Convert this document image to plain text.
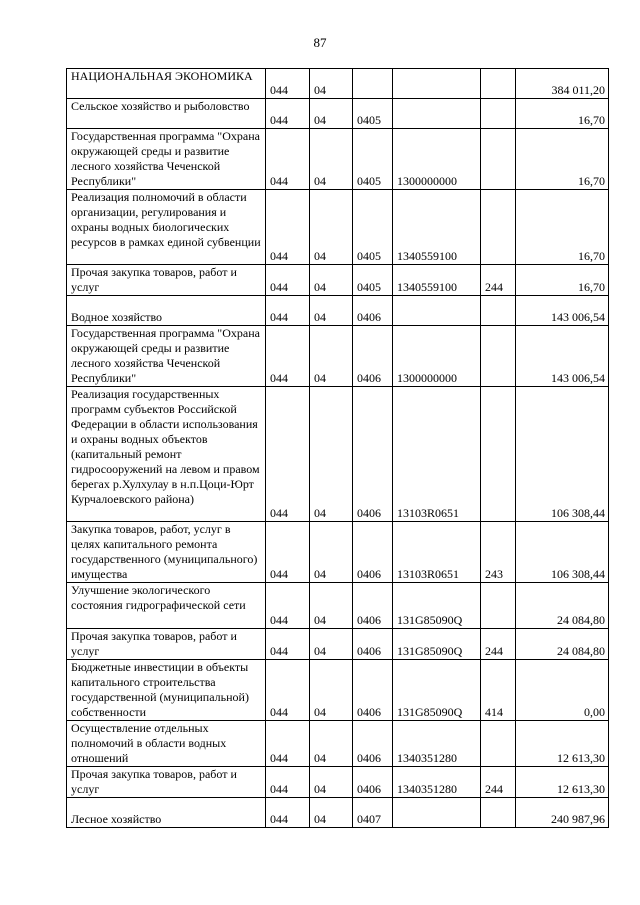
87
НАЦИОНАЛЬНАЯ ЭКОНОМИКА	044	04				384 011,20
Сельское хозяйство и рыболовство	044	04	0405			16,70
Государственная программа "Охрана окружающей среды и развитие лесного хозяйства Чеченской Республики"	044	04	0405	1300000000		16,70
Реализация полномочий в области организации, регулирования и охраны водных биологических ресурсов в рамках единой субвенции	044	04	0405	1340559100		16,70
Прочая закупка товаров, работ и услуг	044	04	0405	1340559100	244	16,70
Водное хозяйство	044	04	0406			143 006,54
Государственная программа "Охрана окружающей среды и развитие лесного хозяйства Чеченской Республики"	044	04	0406	1300000000		143 006,54
Реализация государственных программ субъектов Российской Федерации в области использования и охраны водных объектов (капитальный ремонт гидросооружений на левом и правом берегах р.Хулхулау в н.п.Цоци-Юрт Курчалоевского района)	044	04	0406	13103R0651		106 308,44
Закупка товаров, работ, услуг в целях капитального ремонта государственного (муниципального) имущества	044	04	0406	13103R0651	243	106 308,44
Улучшение экологического состояния гидрографической сети	044	04	0406	131G85090Q		24 084,80
Прочая закупка товаров, работ и услуг	044	04	0406	131G85090Q	244	24 084,80
Бюджетные инвестиции в объекты капитального строительства государственной (муниципальной) собственности	044	04	0406	131G85090Q	414	0,00
Осуществление отдельных полномочий в области водных отношений	044	04	0406	1340351280		12 613,30
Прочая закупка товаров, работ и услуг	044	04	0406	1340351280	244	12 613,30
Лесное хозяйство	044	04	0407			240 987,96
